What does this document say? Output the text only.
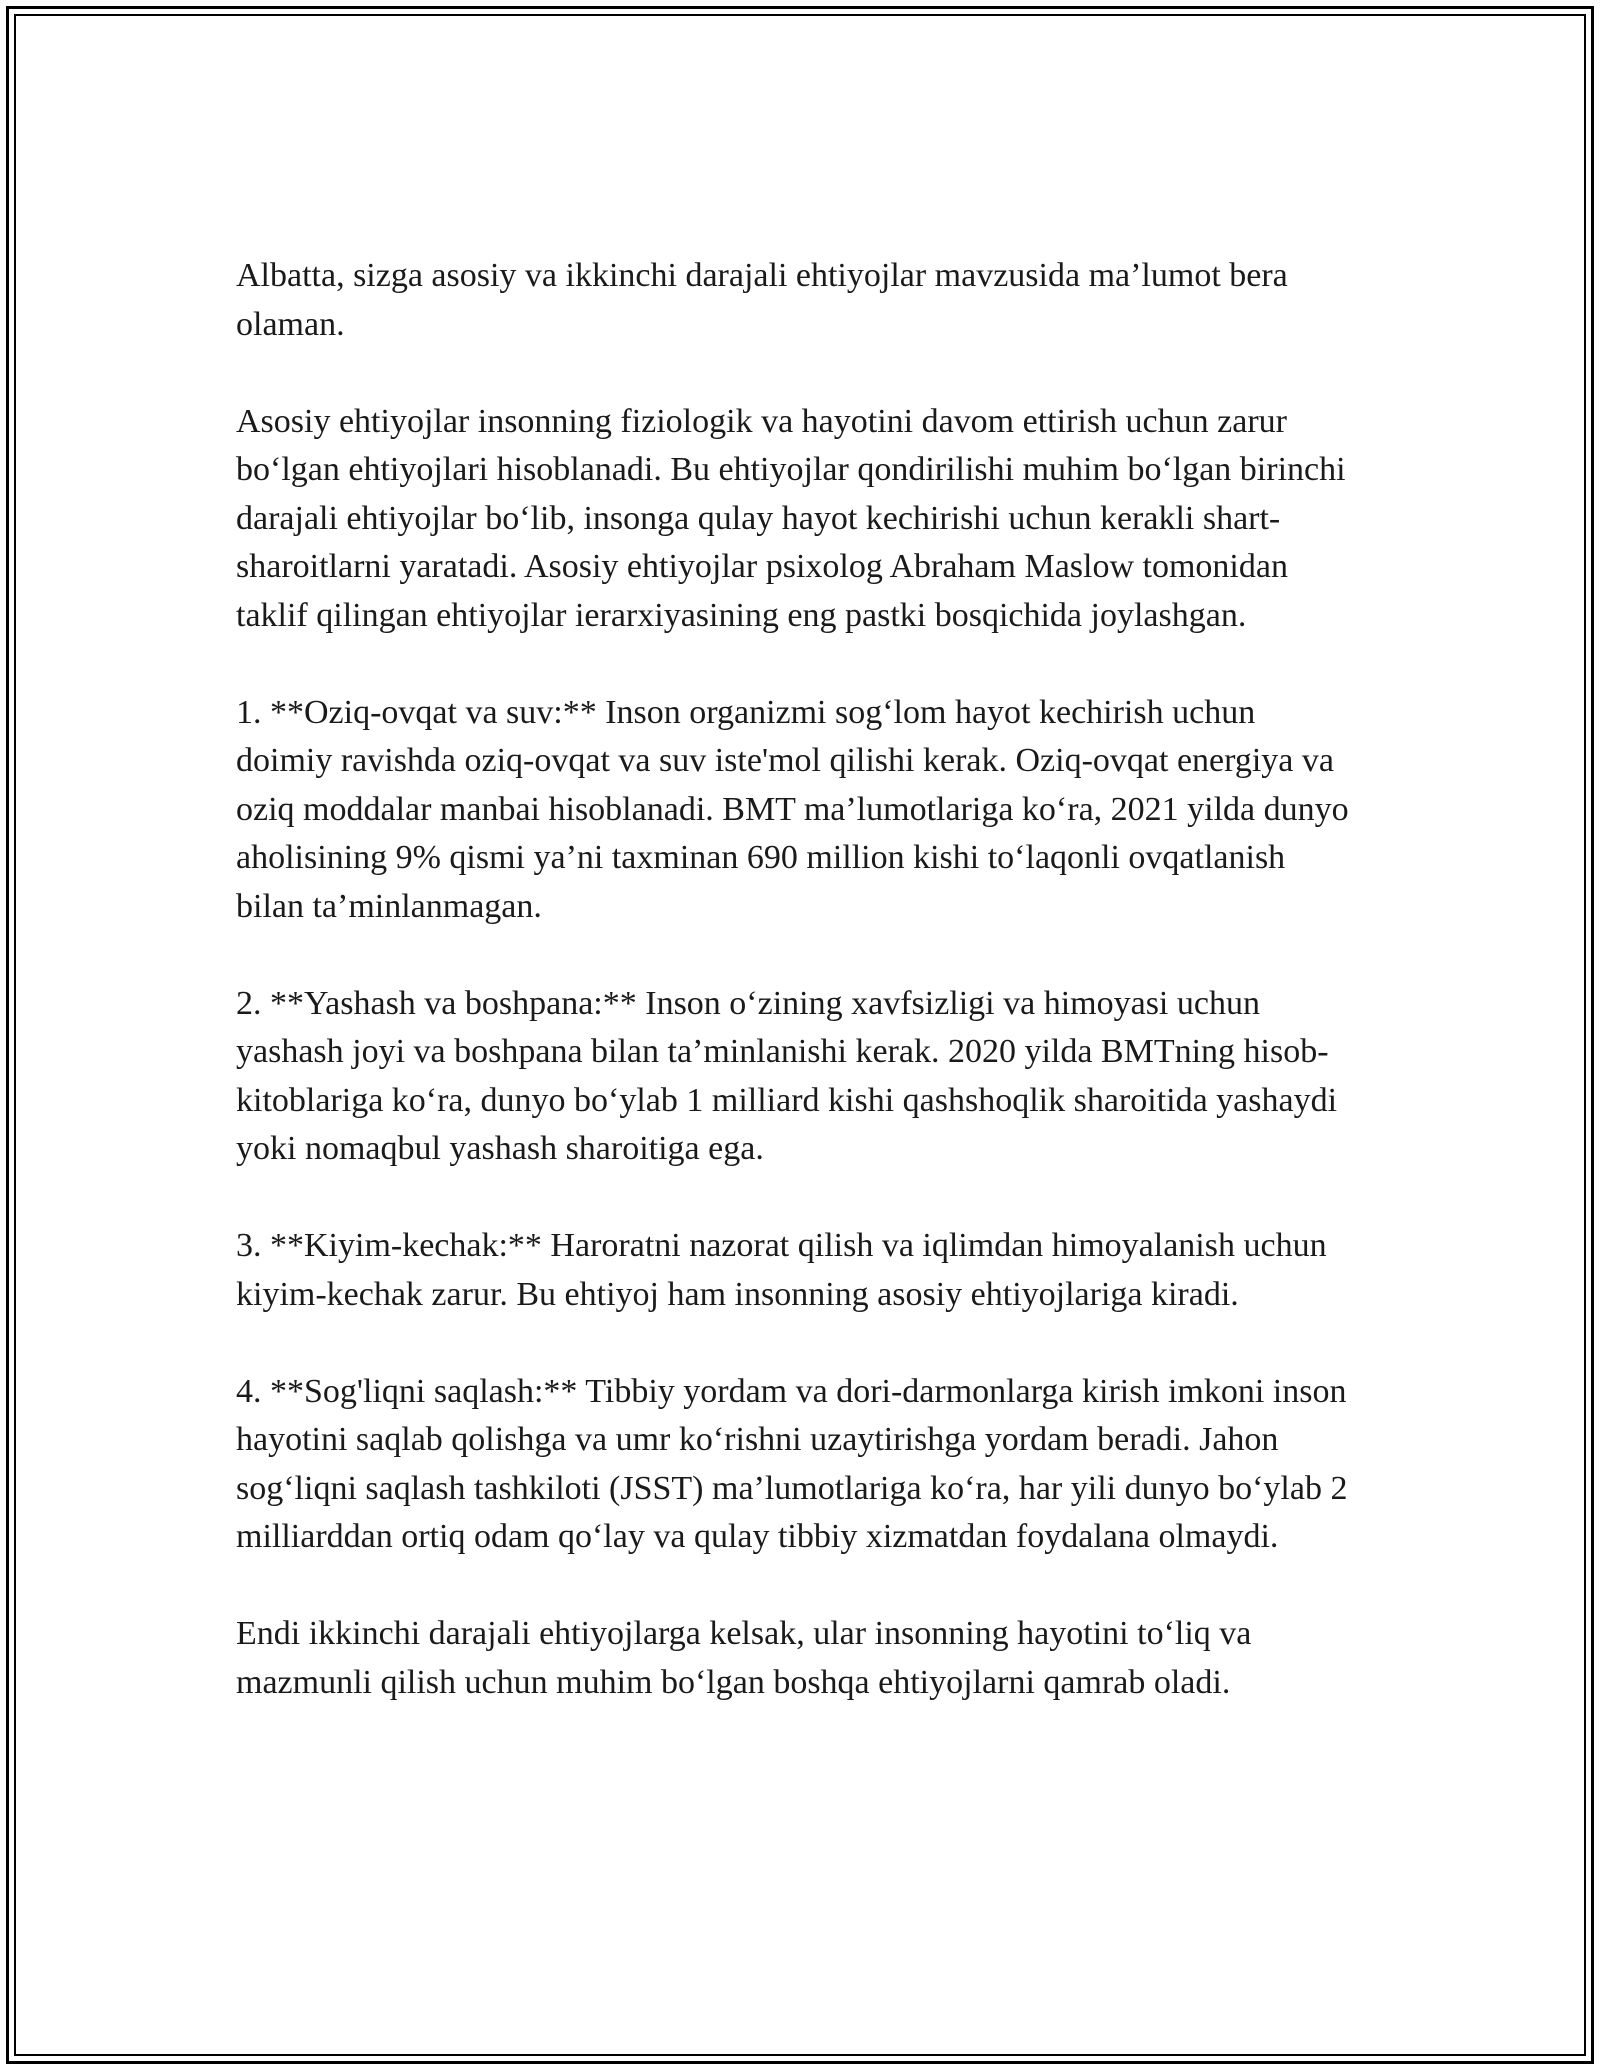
Albatta, sizga asosiy va ikkinchi darajali ehtiyojlar mavzusida ma’lumot bera olaman.

Asosiy ehtiyojlar insonning fiziologik va hayotini davom ettirish uchun zarur bo‘lgan ehtiyojlari hisoblanadi. Bu ehtiyojlar qondirilishi muhim bo‘lgan birinchi darajali ehtiyojlar bo‘lib, insonga qulay hayot kechirishi uchun kerakli shart-sharoitlarni yaratadi. Asosiy ehtiyojlar psixolog Abraham Maslow tomonidan taklif qilingan ehtiyojlar ierarxiyasining eng pastki bosqichida joylashgan.

1. **Oziq-ovqat va suv:** Inson organizmi sog‘lom hayot kechirish uchun doimiy ravishda oziq-ovqat va suv iste'mol qilishi kerak. Oziq-ovqat energiya va oziq moddalar manbai hisoblanadi. BMT ma’lumotlariga ko‘ra, 2021 yilda dunyo aholisining 9% qismi ya’ni taxminan 690 million kishi to‘laqonli ovqatlanish bilan ta’minlanmagan.

2. **Yashash va boshpana:** Inson o‘zining xavfsizligi va himoyasi uchun yashash joyi va boshpana bilan ta’minlanishi kerak. 2020 yilda BMTning hisob-kitoblariga ko‘ra, dunyo bo‘ylab 1 milliard kishi qashshoqlik sharoitida yashaydi yoki nomaqbul yashash sharoitiga ega.

3. **Kiyim-kechak:** Haroratni nazorat qilish va iqlimdan himoyalanish uchun kiyim-kechak zarur. Bu ehtiyoj ham insonning asosiy ehtiyojlariga kiradi.

4. **Sog'liqni saqlash:** Tibbiy yordam va dori-darmonlarga kirish imkoni inson hayotini saqlab qolishga va umr ko‘rishni uzaytirishga yordam beradi. Jahon sog‘liqni saqlash tashkiloti (JSST) ma’lumotlariga ko‘ra, har yili dunyo bo‘ylab 2 milliarddan ortiq odam qo‘lay va qulay tibbiy xizmatdan foydalana olmaydi.

Endi ikkinchi darajali ehtiyojlarga kelsak, ular insonning hayotini to‘liq va mazmunli qilish uchun muhim bo‘lgan boshqa ehtiyojlarni qamrab oladi.
